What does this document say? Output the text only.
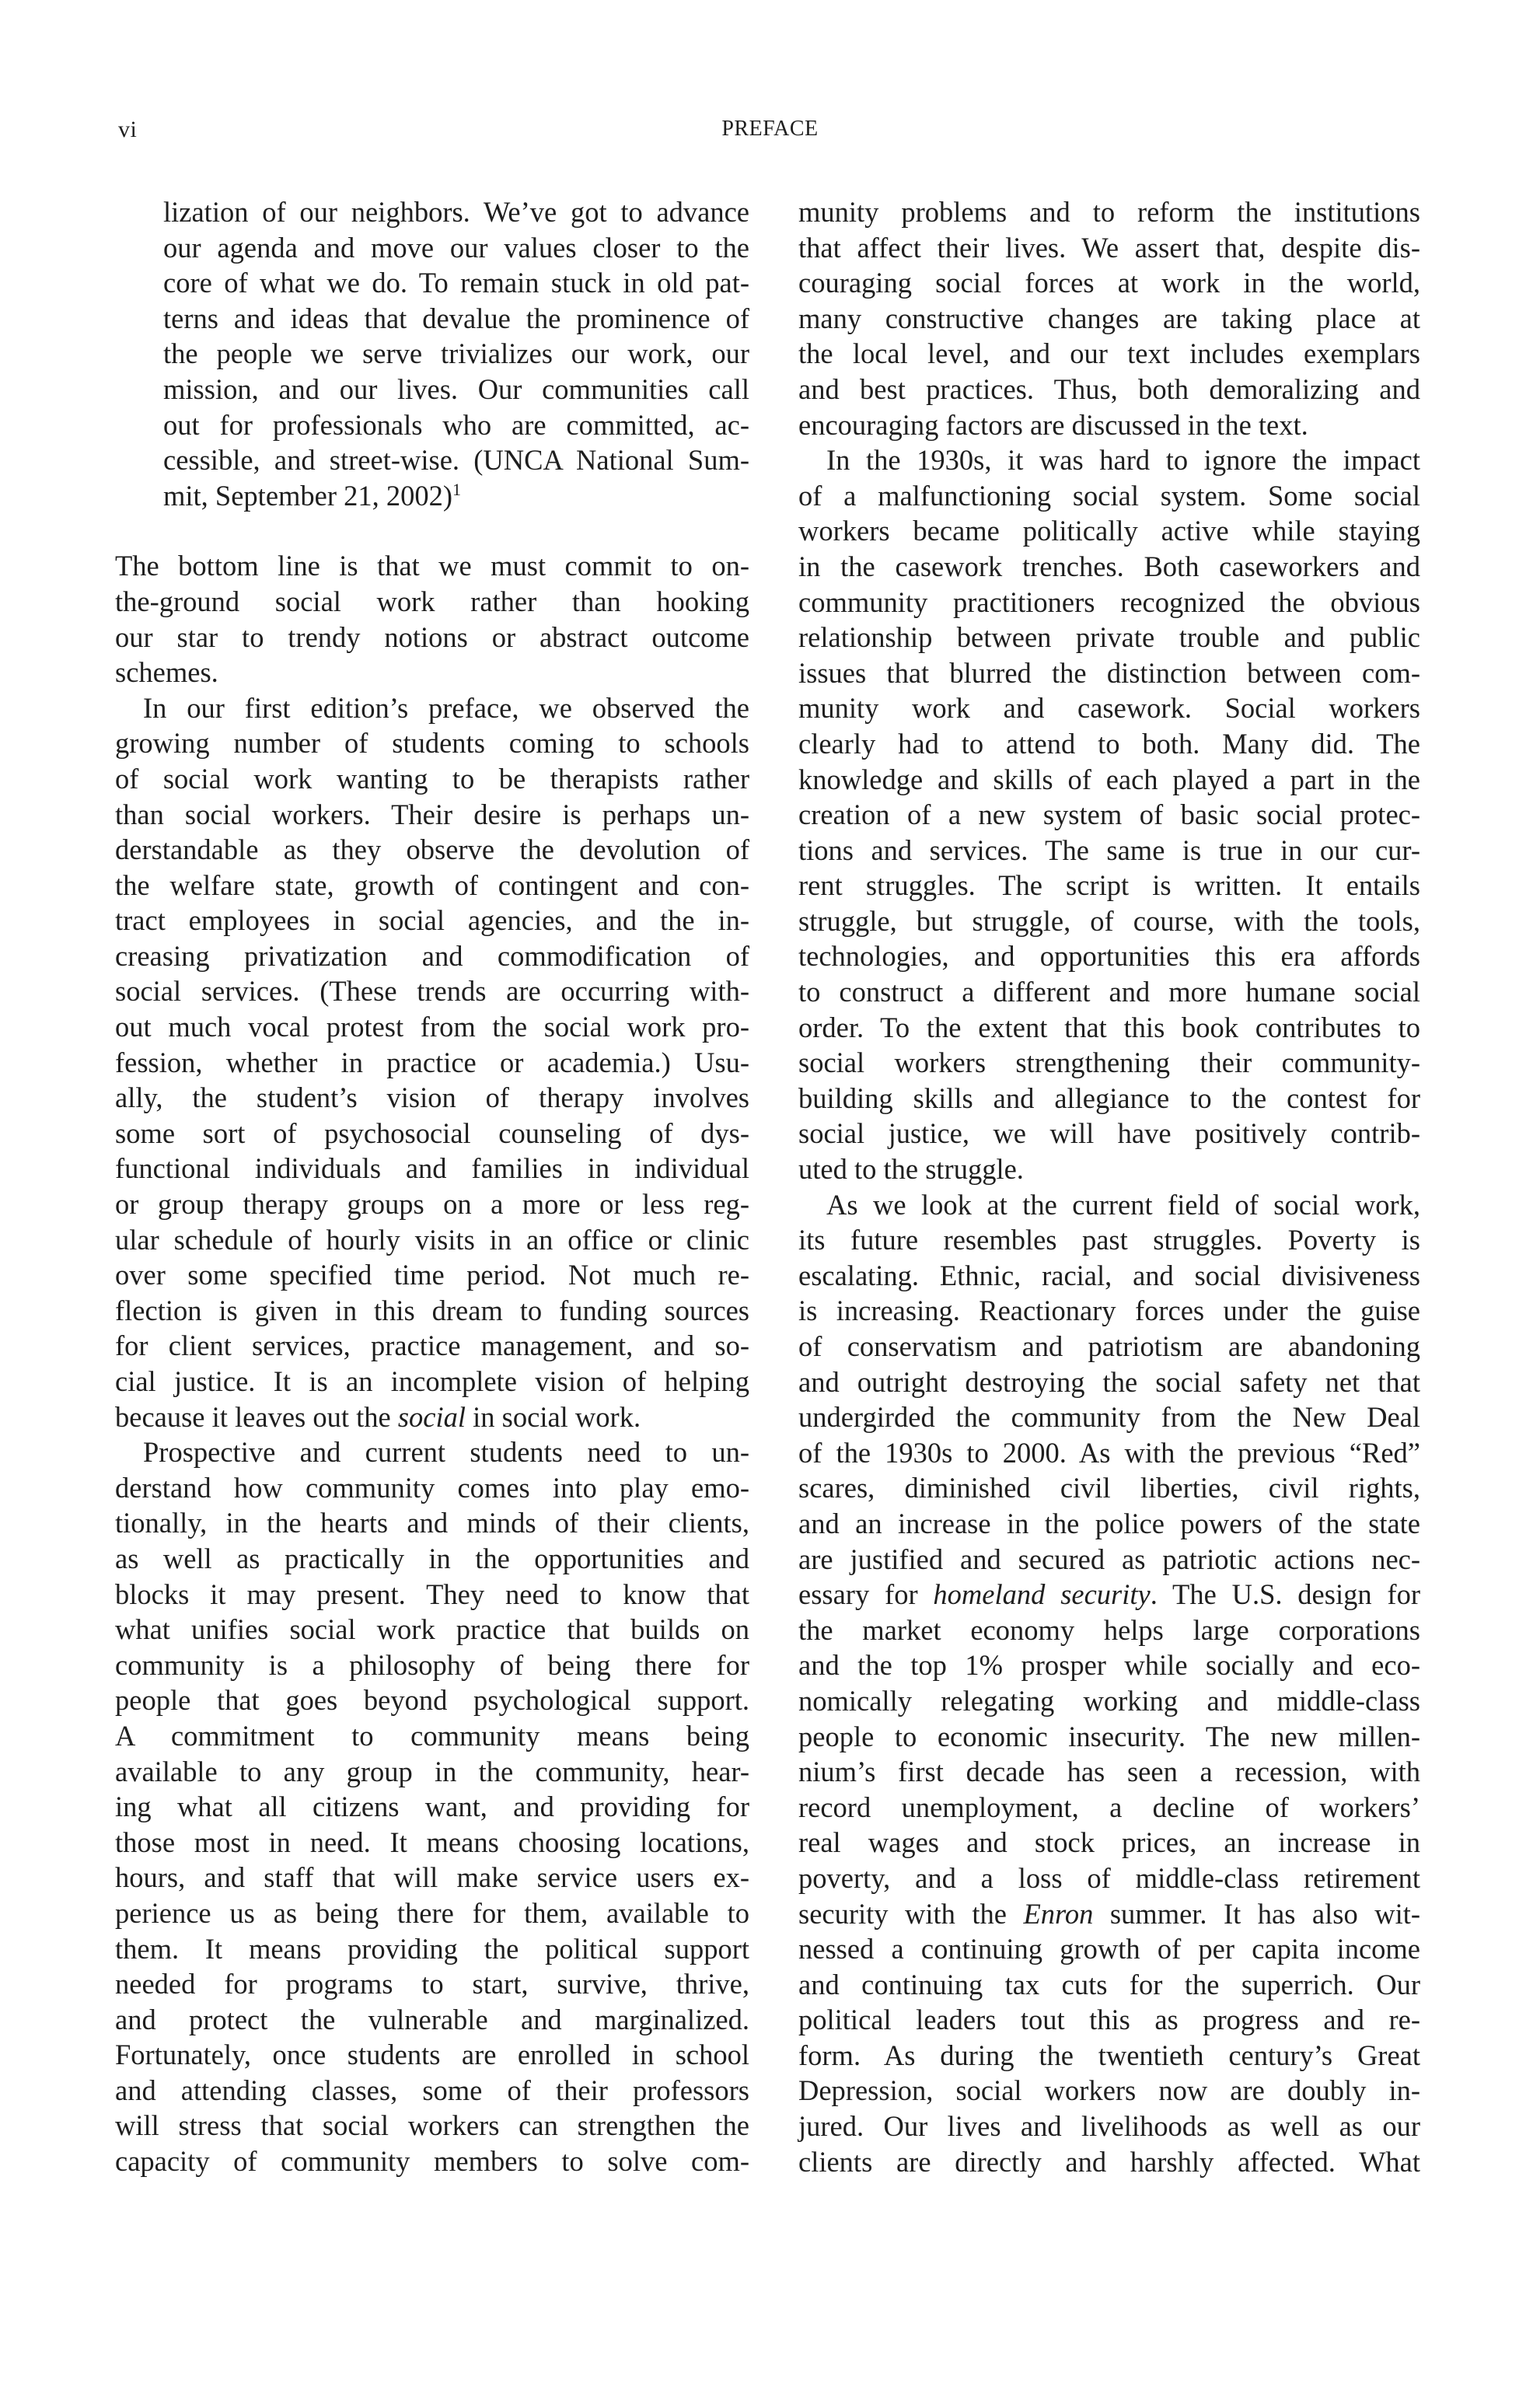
vi	PREFACE
lization of our neighbors. We’ve got to advance
our agenda and move our values closer to the
core of what we do. To remain stuck in old pat-
terns and ideas that devalue the prominence of
the people we serve trivializes our work, our
mission, and our lives. Our communities call
out for professionals who are committed, ac-
cessible, and street-wise. (UNCA National Sum-
mit, September 21, 2002)$^1$
The bottom line is that we must commit to on-
the-ground social work rather than hooking
our star to trendy notions or abstract outcome
schemes.
In our first edition’s preface, we observed the
growing number of students coming to schools
of social work wanting to be therapists rather
than social workers. Their desire is perhaps un-
derstandable as they observe the devolution of
the welfare state, growth of contingent and con-
tract employees in social agencies, and the in-
creasing privatization and commodification of
social services. (These trends are occurring with-
out much vocal protest from the social work pro-
fession, whether in practice or academia.) Usu-
ally, the student’s vision of therapy involves
some sort of psychosocial counseling of dys-
functional individuals and families in individual
or group therapy groups on a more or less reg-
ular schedule of hourly visits in an office or clinic
over some specified time period. Not much re-
flection is given in this dream to funding sources
for client services, practice management, and so-
cial justice. It is an incomplete vision of helping
because it leaves out the social in social work.
Prospective and current students need to un-
derstand how community comes into play emo-
tionally, in the hearts and minds of their clients,
as well as practically in the opportunities and
blocks it may present. They need to know that
what unifies social work practice that builds on
community is a philosophy of being there for
people that goes beyond psychological support.
A commitment to community means being
available to any group in the community, hear-
ing what all citizens want, and providing for
those most in need. It means choosing locations,
hours, and staff that will make service users ex-
perience us as being there for them, available to
them. It means providing the political support
needed for programs to start, survive, thrive,
and protect the vulnerable and marginalized.
Fortunately, once students are enrolled in school
and attending classes, some of their professors
will stress that social workers can strengthen the
capacity of community members to solve com-
munity problems and to reform the institutions
that affect their lives. We assert that, despite dis-
couraging social forces at work in the world,
many constructive changes are taking place at
the local level, and our text includes exemplars
and best practices. Thus, both demoralizing and
encouraging factors are discussed in the text.
In the 1930s, it was hard to ignore the impact
of a malfunctioning social system. Some social
workers became politically active while staying
in the casework trenches. Both caseworkers and
community practitioners recognized the obvious
relationship between private trouble and public
issues that blurred the distinction between com-
munity work and casework. Social workers
clearly had to attend to both. Many did. The
knowledge and skills of each played a part in the
creation of a new system of basic social protec-
tions and services. The same is true in our cur-
rent struggles. The script is written. It entails
struggle, but struggle, of course, with the tools,
technologies, and opportunities this era affords
to construct a different and more humane social
order. To the extent that this book contributes to
social workers strengthening their community-
building skills and allegiance to the contest for
social justice, we will have positively contrib-
uted to the struggle.
As we look at the current field of social work,
its future resembles past struggles. Poverty is
escalating. Ethnic, racial, and social divisiveness
is increasing. Reactionary forces under the guise
of conservatism and patriotism are abandoning
and outright destroying the social safety net that
undergirded the community from the New Deal
of the 1930s to 2000. As with the previous “Red”
scares, diminished civil liberties, civil rights,
and an increase in the police powers of the state
are justified and secured as patriotic actions nec-
essary for homeland security. The U.S. design for
the market economy helps large corporations
and the top 1% prosper while socially and eco-
nomically relegating working and middle-class
people to economic insecurity. The new millen-
nium’s first decade has seen a recession, with
record unemployment, a decline of workers’
real wages and stock prices, an increase in
poverty, and a loss of middle-class retirement
security with the Enron summer. It has also wit-
nessed a continuing growth of per capita income
and continuing tax cuts for the superrich. Our
political leaders tout this as progress and re-
form. As during the twentieth century’s Great
Depression, social workers now are doubly in-
jured. Our lives and livelihoods as well as our
clients are directly and harshly affected. What
